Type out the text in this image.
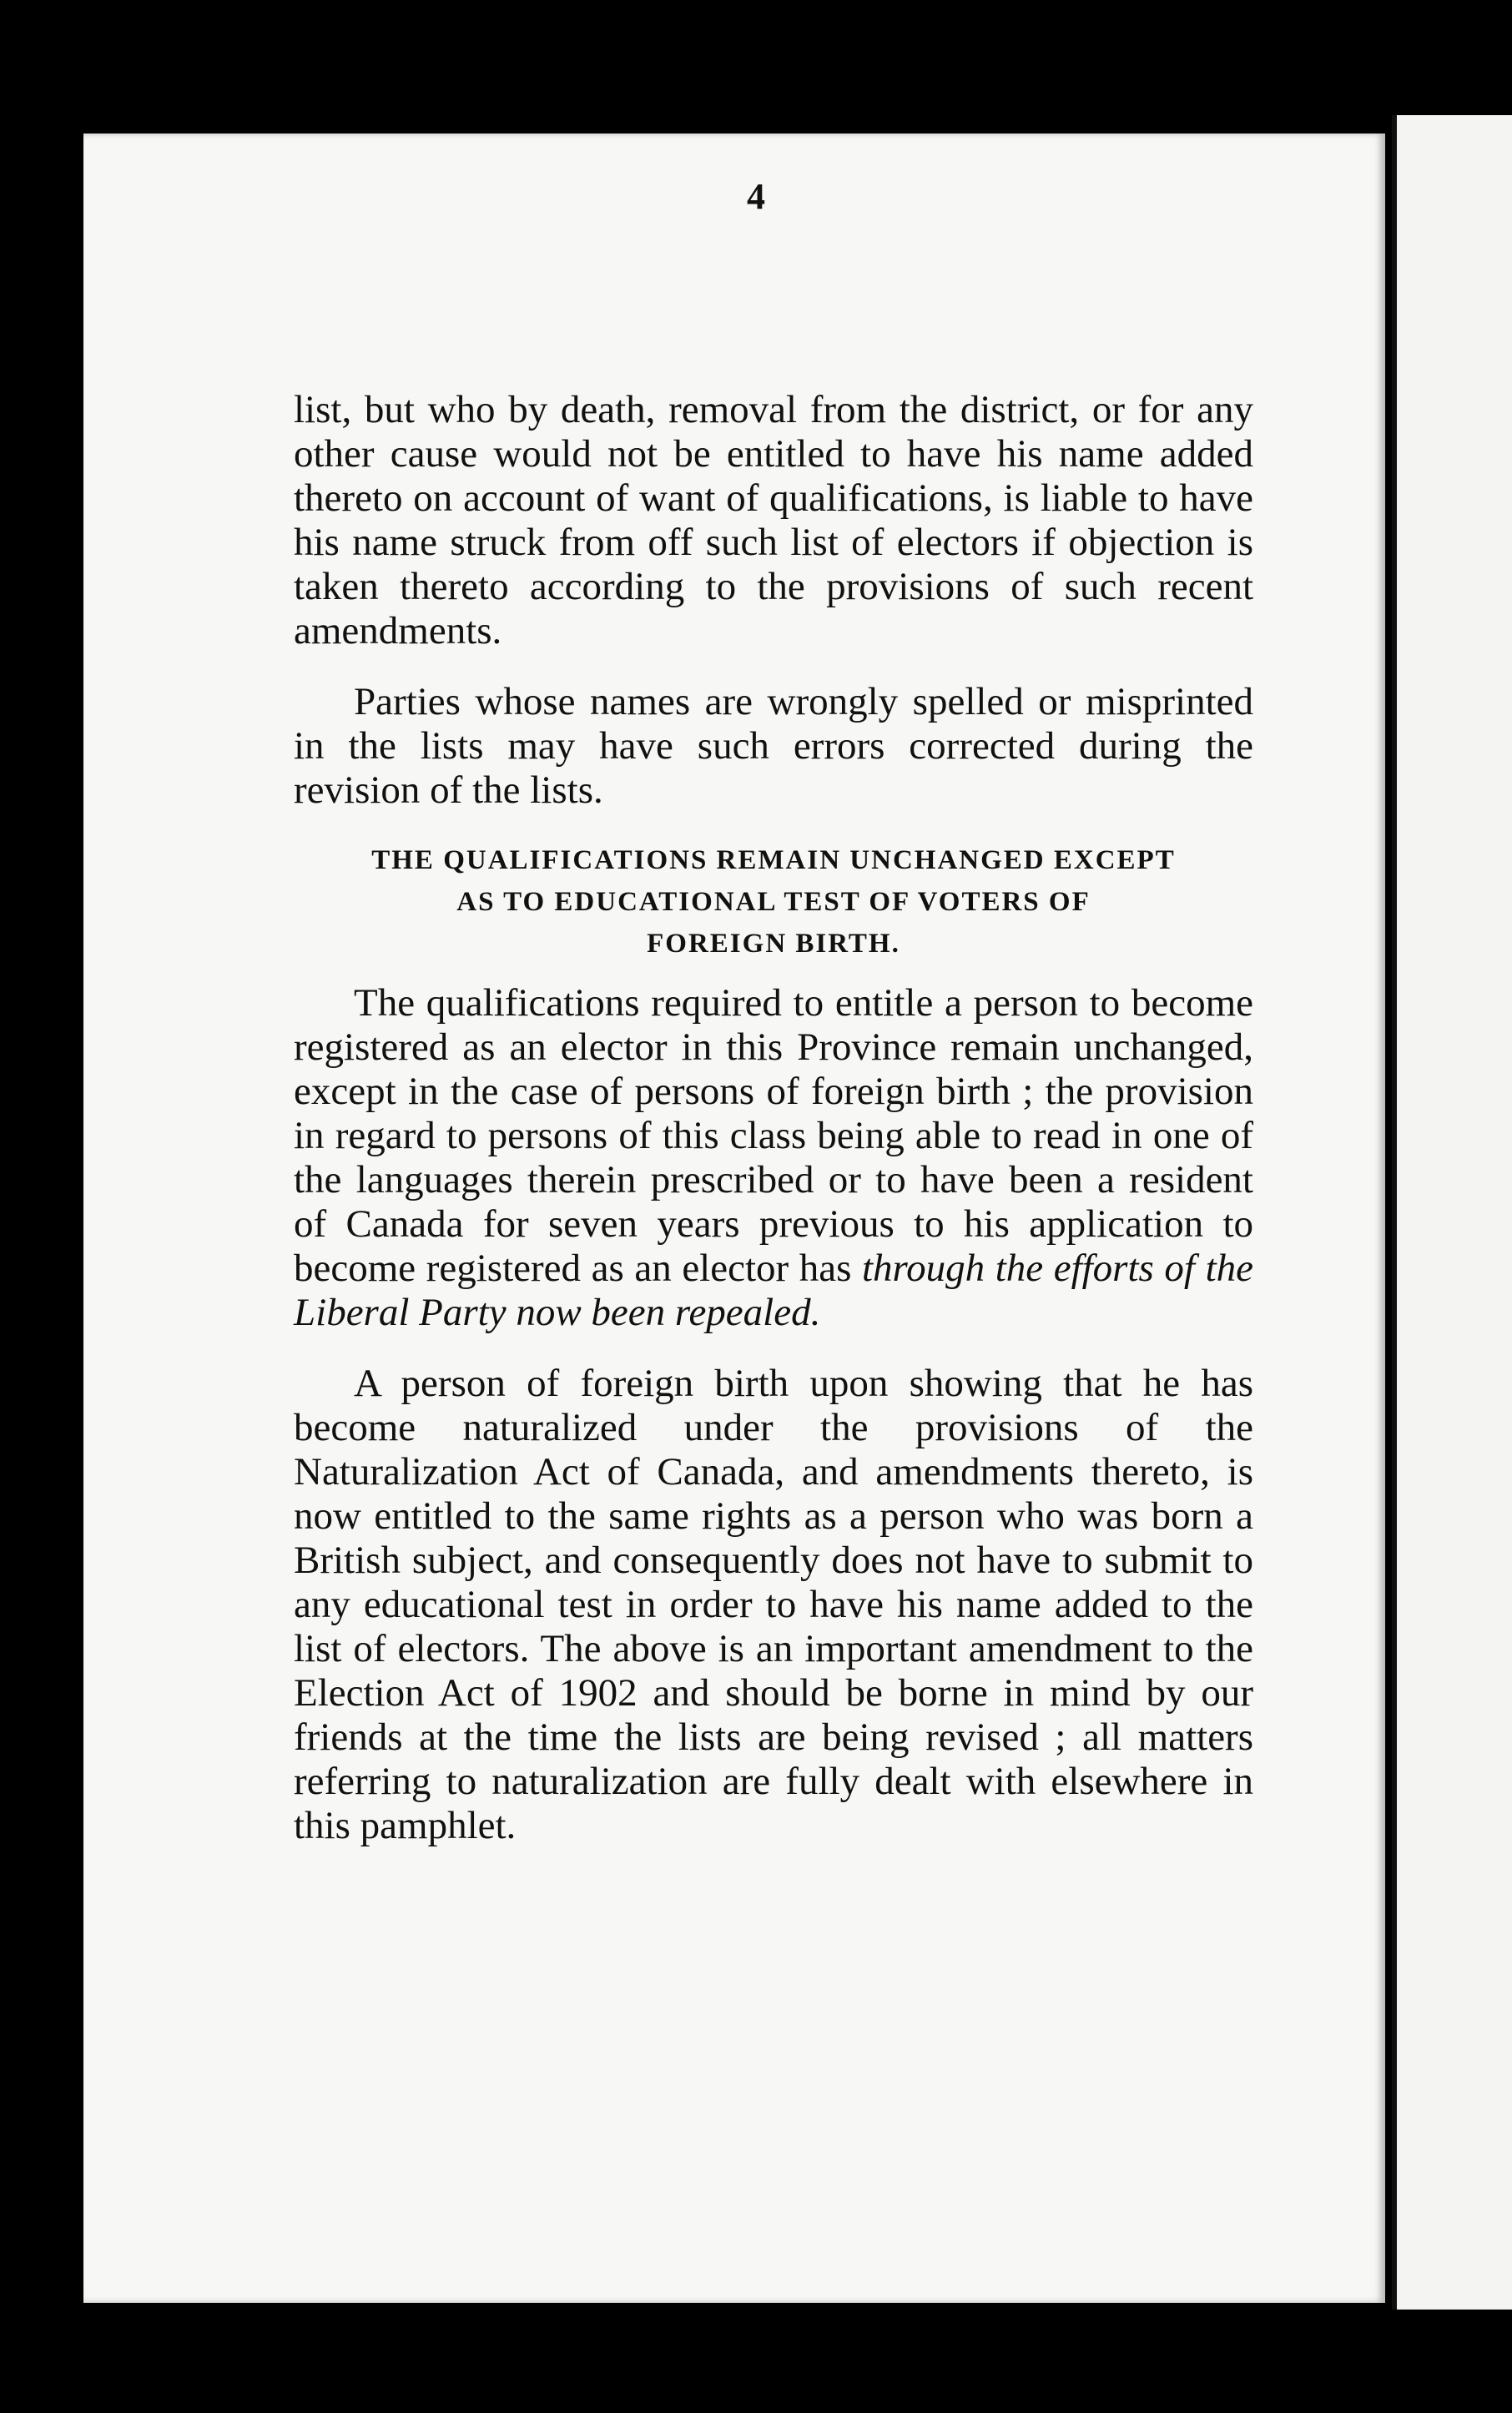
4

list, but who by death, removal from the district, or for any other cause would not be entitled to have his name added thereto on account of want of qualifications, is liable to have his name struck from off such list of electors if objection is taken thereto according to the provisions of such recent amendments.

Parties whose names are wrongly spelled or misprinted in the lists may have such errors corrected during the revision of the lists.

THE QUALIFICATIONS REMAIN UNCHANGED EXCEPT
AS TO EDUCATIONAL TEST OF VOTERS OF
FOREIGN BIRTH.

The qualifications required to entitle a person to become registered as an elector in this Province remain unchanged, except in the case of persons of foreign birth ; the provision in regard to persons of this class being able to read in one of the languages therein prescribed or to have been a resident of Canada for seven years previous to his application to become registered as an elector has through the efforts of the Liberal Party now been repealed.

A person of foreign birth upon showing that he has become naturalized under the provisions of the Naturalization Act of Canada, and amendments thereto, is now entitled to the same rights as a person who was born a British subject, and consequently does not have to submit to any educational test in order to have his name added to the list of electors. The above is an important amendment to the Election Act of 1902 and should be borne in mind by our friends at the time the lists are being revised ; all matters referring to naturalization are fully dealt with elsewhere in this pamphlet.
